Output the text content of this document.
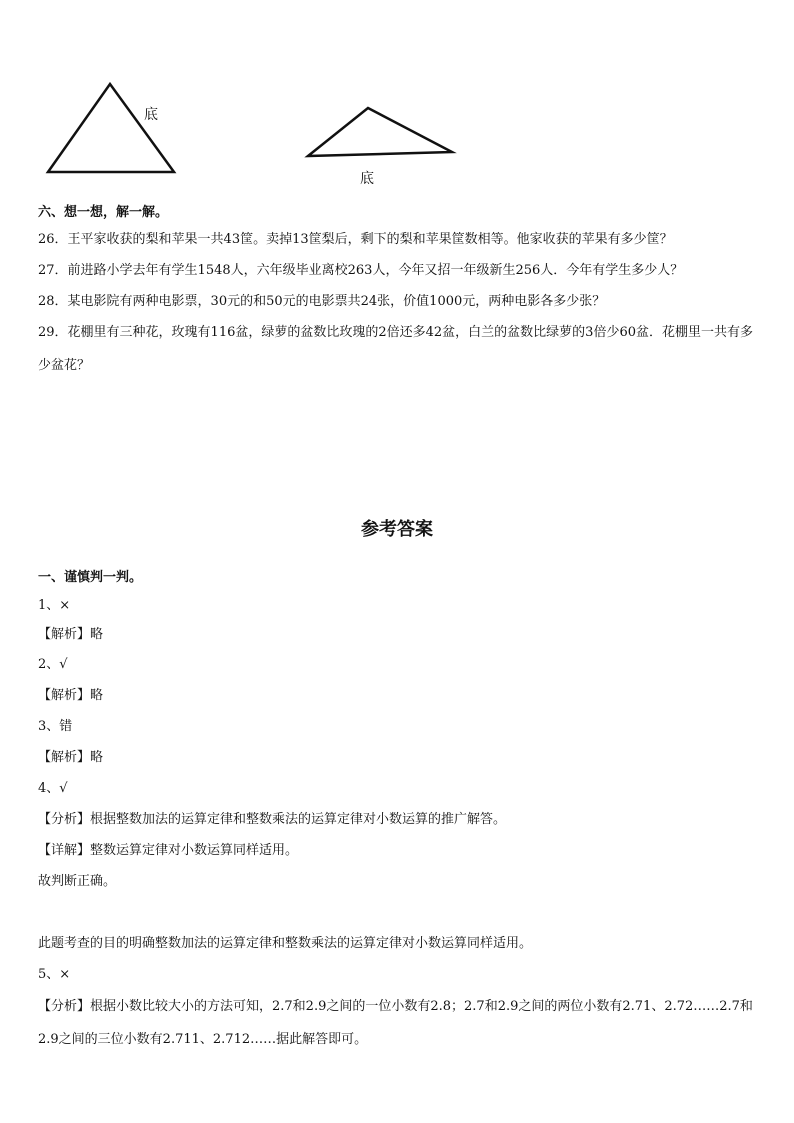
底
底
六、想一想，解一解。
26．王平家收获的梨和苹果一共43筐。卖掉13筐梨后，剩下的梨和苹果筐数相等。他家收获的苹果有多少筐？
27．前进路小学去年有学生1548人，六年级毕业离校263人，今年又招一年级新生256人．今年有学生多少人？
28．某电影院有两种电影票，30元的和50元的电影票共24张，价值1000元，两种电影各多少张？
29．花棚里有三种花，玫瑰有116盆，绿萝的盆数比玫瑰的2倍还多42盆，白兰的盆数比绿萝的3倍少60盆．花棚里一共有多少盆花？
参考答案
一、谨慎判一判。
1、×
【解析】略
2、√
【解析】略
3、错
【解析】略
4、√
【分析】根据整数加法的运算定律和整数乘法的运算定律对小数运算的推广解答。
【详解】整数运算定律对小数运算同样适用。
故判断正确。
此题考查的目的明确整数加法的运算定律和整数乘法的运算定律对小数运算同样适用。
5、×
【分析】根据小数比较大小的方法可知，2.7和2.9之间的一位小数有2.8；2.7和2.9之间的两位小数有2.71、2.72……2.7和2.9之间的三位小数有2.711、2.712……据此解答即可。
